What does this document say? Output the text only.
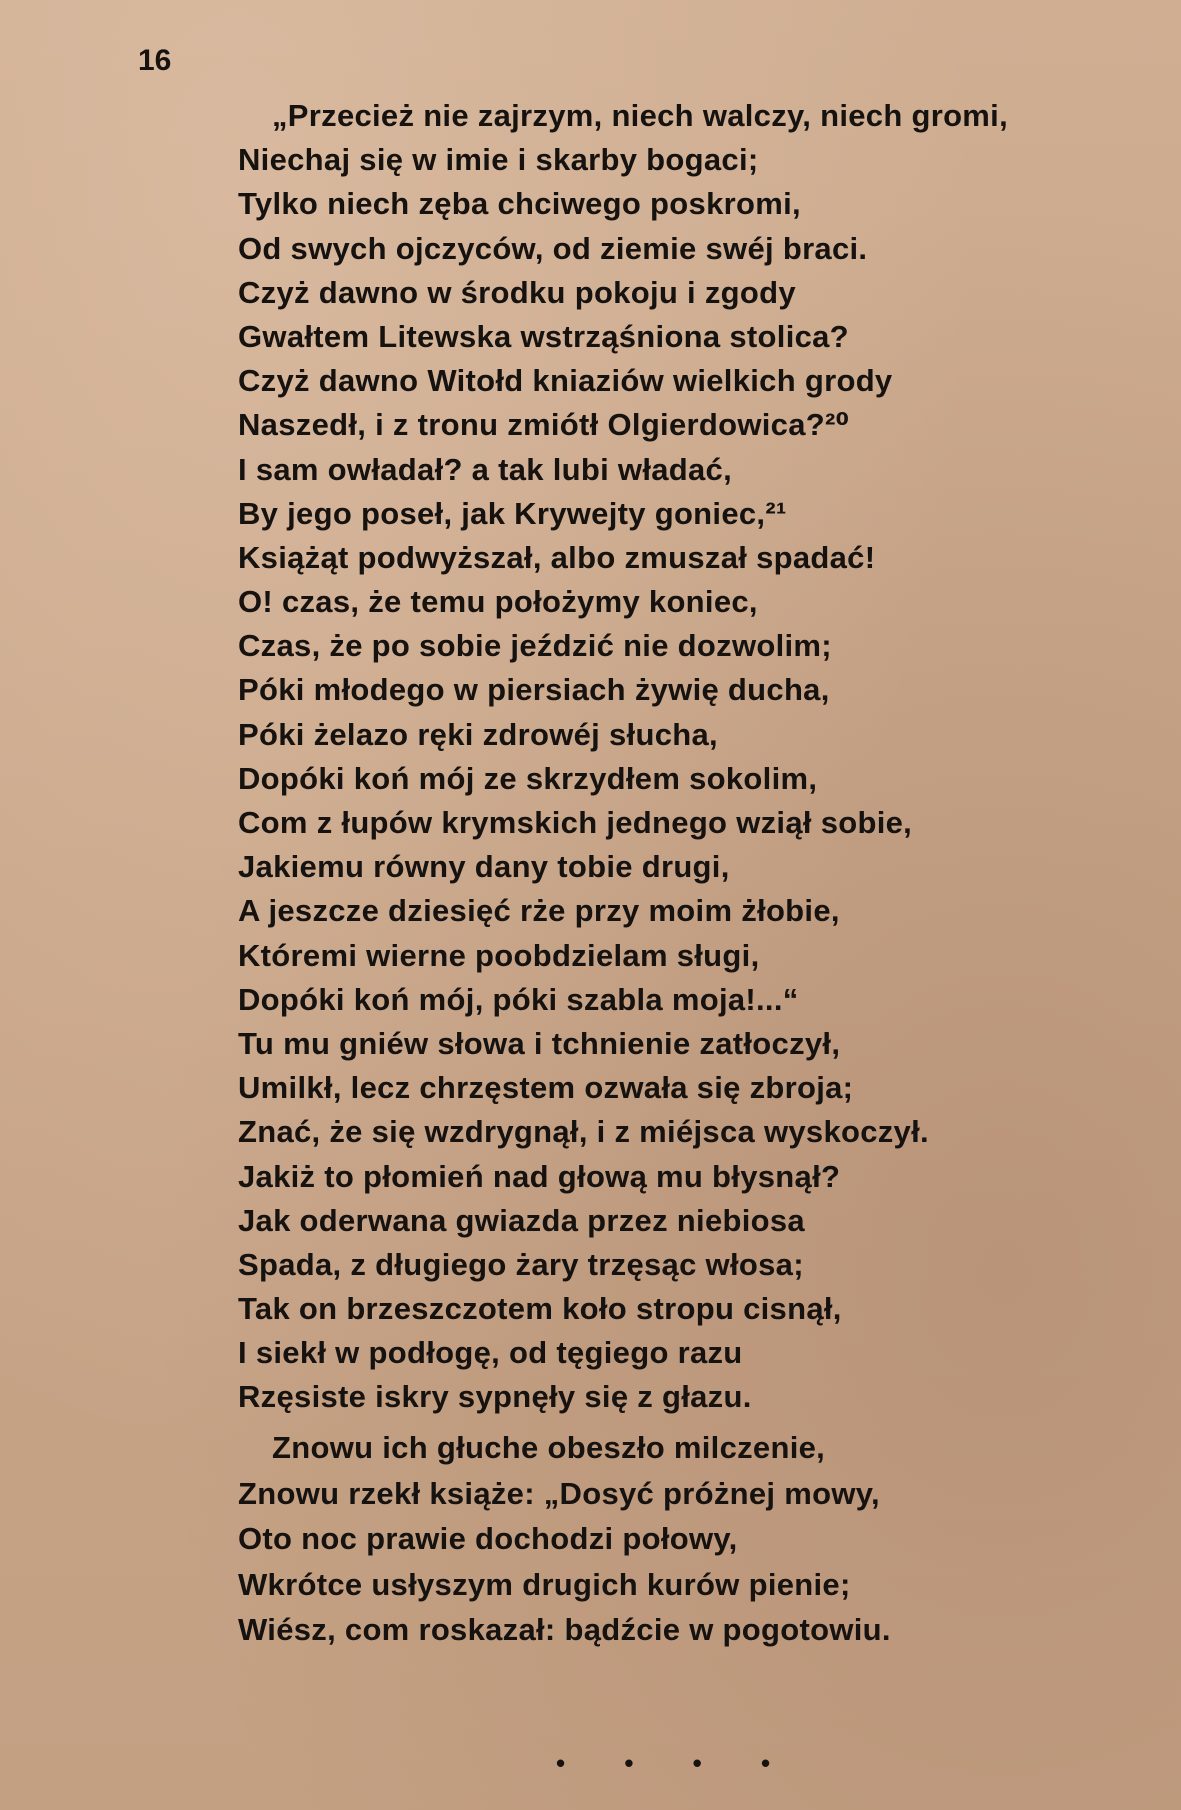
16
„Przecież nie zajrzym, niech walczy, niech gromi,
Niechaj się w imie i skarby bogaci;
Tylko niech zęba chciwego poskromi,
Od swych ojczyców, od ziemie swéj braci.
Czyż dawno w środku pokoju i zgody
Gwałtem Litewska wstrząśniona stolica?
Czyż dawno Witołd kniaziów wielkich grody
Naszedł, i z tronu zmiótł Olgierdowica?²⁰
I sam owładał? a tak lubi władać,
By jego poseł, jak Krywejty goniec,²¹
Książąt podwyższał, albo zmuszał spadać!
O! czas, że temu położymy koniec,
Czas, że po sobie jeździć nie dozwolim;
Póki młodego w piersiach żywię ducha,
Póki żelazo ręki zdrowéj słucha,
Dopóki koń mój ze skrzydłem sokolim,
Com z łupów krymskich jednego wziął sobie,
Jakiemu równy dany tobie drugi,
A jeszcze dziesięć rże przy moim żłobie,
Któremi wierne poobdzielam sługi,
Dopóki koń mój, póki szabla moja!...“
Tu mu gniéw słowa i tchnienie zatłoczył,
Umilkł, lecz chrzęstem ozwała się zbroja;
Znać, że się wzdrygnął, i z miéjsca wyskoczył.
Jakiż to płomień nad głową mu błysnął?
Jak oderwana gwiazda przez niebiosa
Spada, z długiego żary trzęsąc włosa;
Tak on brzeszczotem koło stropu cisnął,
I siekł w podłogę, od tęgiego razu
Rzęsiste iskry sypnęły się z głazu.
Znowu ich głuche obeszło milczenie,
Znowu rzekł książe: „Dosyć próżnej mowy,
Oto noc prawie dochodzi połowy,
Wkrótce usłyszym drugich kurów pienie;
Wiész, com roskazał: bądźcie w pogotowiu.
• • • •
